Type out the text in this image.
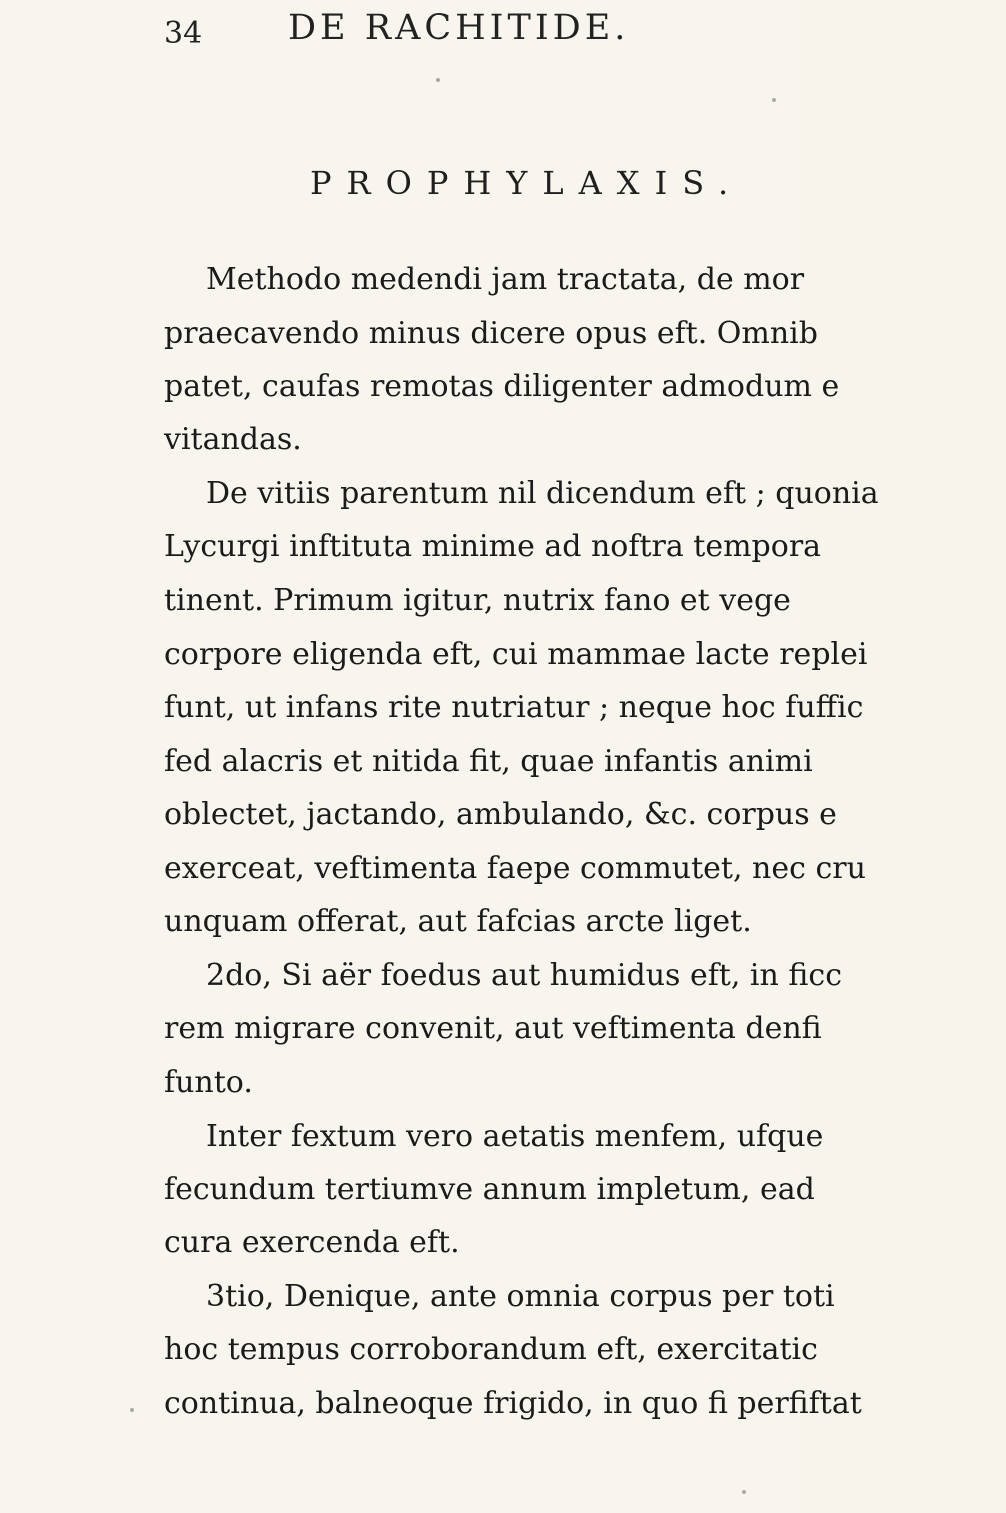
34 DE RACHITIDE.
PROPHYLAXIS.
Methodo medendi jam tractata, de mor
praecavendo minus dicere opus eft. Omnib
patet, caufas remotas diligenter admodum e
vitandas.
De vitiis parentum nil dicendum eft ; quonia
Lycurgi inftituta minime ad noftra tempora
tinent. Primum igitur, nutrix fano et vege
corpore eligenda eft, cui mammae lacte replei
funt, ut infans rite nutriatur ; neque hoc fuffic
fed alacris et nitida fit, quae infantis animi
oblectet, jactando, ambulando, &c. corpus e
exerceat, veftimenta faepe commutet, nec cru
unquam offerat, aut fafcias arcte liget.
2do, Si aër foedus aut humidus eft, in ficc
rem migrare convenit, aut veftimenta denfi
funto.
Inter fextum vero aetatis menfem, ufque
fecundum tertiumve annum impletum, ead
cura exercenda eft.
3tio, Denique, ante omnia corpus per toti
hoc tempus corroborandum eft, exercitatic
continua, balneoque frigido, in quo fi perfiftat
